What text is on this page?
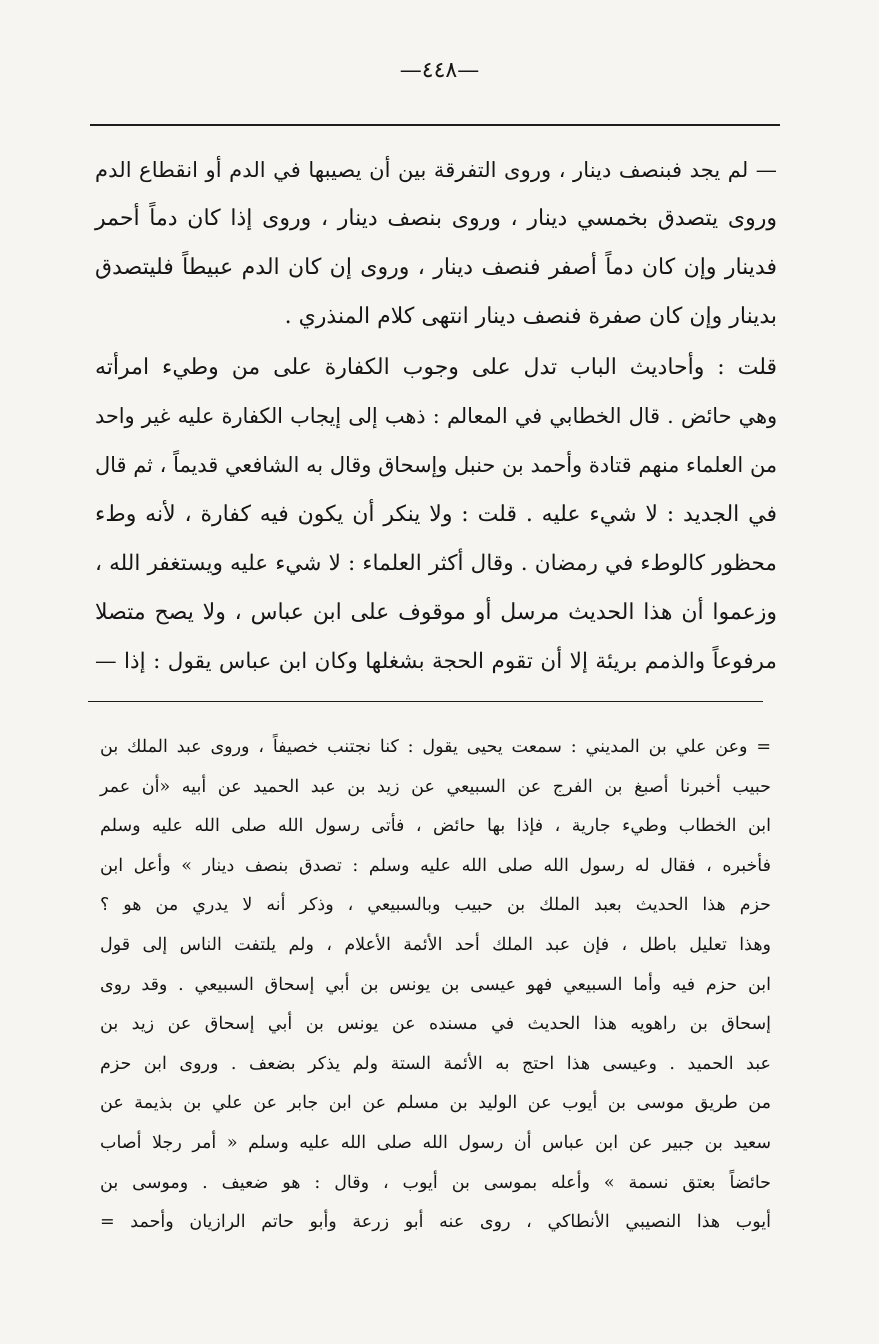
—٤٤٨—
— لم يجد فبنصف دينار ، وروى التفرقة بين أن يصيبها في الدم أو انقطاع الدم
وروى يتصدق بخمسي دينار ، وروى بنصف دينار ، وروى إذا كان دماً أحمر
فدينار وإن كان دماً أصفر فنصف دينار ، وروى إن كان الدم عبيطاً فليتصدق
بدينار وإن كان صفرة فنصف دينار انتهى كلام المنذري .
قلت : وأحاديث الباب تدل على وجوب الكفارة على من وطيء امرأته
وهي حائض . قال الخطابي في المعالم : ذهب إلى إيجاب الكفارة عليه غير واحد
من العلماء منهم قتادة وأحمد بن حنبل وإسحاق وقال به الشافعي قديماً ، ثم قال
في الجديد : لا شيء عليه . قلت : ولا ينكر أن يكون فيه كفارة ، لأنه وطء
محظور كالوطء في رمضان . وقال أكثر العلماء : لا شيء عليه ويستغفر الله ،
وزعموا أن هذا الحديث مرسل أو موقوف على ابن عباس ، ولا يصح متصلا
مرفوعاً والذمم بريئة إلا أن تقوم الحجة بشغلها وكان ابن عباس يقول : إذا —
= وعن علي بن المديني : سمعت يحيى يقول : كنا نجتنب خصيفاً ، وروى عبد الملك بن
حبيب أخبرنا أصبغ بن الفرج عن السبيعي عن زيد بن عبد الحميد عن أبيه «أن عمر
ابن الخطاب وطيء جارية ، فإذا بها حائض ، فأتى رسول الله صلى الله عليه وسلم
فأخبره ، فقال له رسول الله صلى الله عليه وسلم : تصدق بنصف دينار » وأعل ابن
حزم هذا الحديث بعبد الملك بن حبيب وبالسبيعي ، وذكر أنه لا يدري من هو ؟
وهذا تعليل باطل ، فإن عبد الملك أحد الأئمة الأعلام ، ولم يلتفت الناس إلى قول
ابن حزم فيه وأما السبيعي فهو عيسى بن يونس بن أبي إسحاق السبيعي . وقد روى
إسحاق بن راهويه هذا الحديث في مسنده عن يونس بن أبي إسحاق عن زيد بن
عبد الحميد . وعيسى هذا احتج به الأئمة الستة ولم يذكر بضعف . وروى ابن حزم
من طريق موسى بن أيوب عن الوليد بن مسلم عن ابن جابر عن علي بن بذيمة عن
سعيد بن جبير عن ابن عباس أن رسول الله صلى الله عليه وسلم « أمر رجلا أصاب
حائضاً بعتق نسمة » وأعله بموسى بن أيوب ، وقال : هو ضعيف . وموسى بن
أيوب هذا النصيبي الأنطاكي ، روى عنه أبو زرعة وأبو حاتم الرازيان وأحمد =
